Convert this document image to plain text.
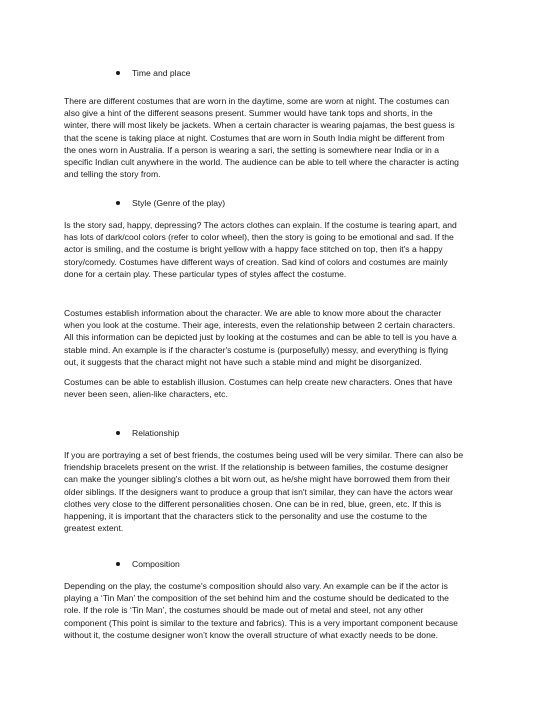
Time and place
There are different costumes that are worn in the daytime, some are worn at night. The costumes can
also give a hint of the different seasons present. Summer would have tank tops and shorts, in the
winter, there will most likely be jackets. When a certain character is wearing pajamas, the best guess is
that the scene is taking place at night. Costumes that are worn in South India might be different from
the ones worn in Australia. If a person is wearing a sari, the setting is somewhere near India or in a
specific Indian cult anywhere in the world. The audience can be able to tell where the character is acting
and telling the story from.
Style (Genre of the play)
Is the story sad, happy, depressing? The actors clothes can explain. If the costume is tearing apart, and
has lots of dark/cool colors (refer to color wheel), then the story is going to be emotional and sad. If the
actor is smiling, and the costume is bright yellow with a happy face stitched on top, then it's a happy
story/comedy. Costumes have different ways of creation. Sad kind of colors and costumes are mainly
done for a certain play. These particular types of styles affect the costume.
Costumes establish information about the character. We are able to know more about the character
when you look at the costume. Their age, interests, even the relationship between 2 certain characters.
All this information can be depicted just by looking at the costumes and can be able to tell is you have a
stable mind. An example is if the character's costume is (purposefully) messy, and everything is flying
out, it suggests that the charact might not have such a stable mind and might be disorganized.
Costumes can be able to establish illusion. Costumes can help create new characters. Ones that have
never been seen, alien-like characters, etc.
Relationship
If you are portraying a set of best friends, the costumes being used will be very similar. There can also be
friendship bracelets present on the wrist. If the relationship is between families, the costume designer
can make the younger sibling's clothes a bit worn out, as he/she might have borrowed them from their
older siblings. If the designers want to produce a group that isn't similar, they can have the actors wear
clothes very close to the different personalities chosen. One can be in red, blue, green, etc. If this is
happening, it is important that the characters stick to the personality and use the costume to the
greatest extent.
Composition
Depending on the play, the costume's composition should also vary. An example can be if the actor is
playing a ‘Tin Man’ the composition of the set behind him and the costume should be dedicated to the
role. If the role is ‘Tin Man’, the costumes should be made out of metal and steel, not any other
component (This point is similar to the texture and fabrics). This is a very important component because
without it, the costume designer won’t know the overall structure of what exactly needs to be done.
